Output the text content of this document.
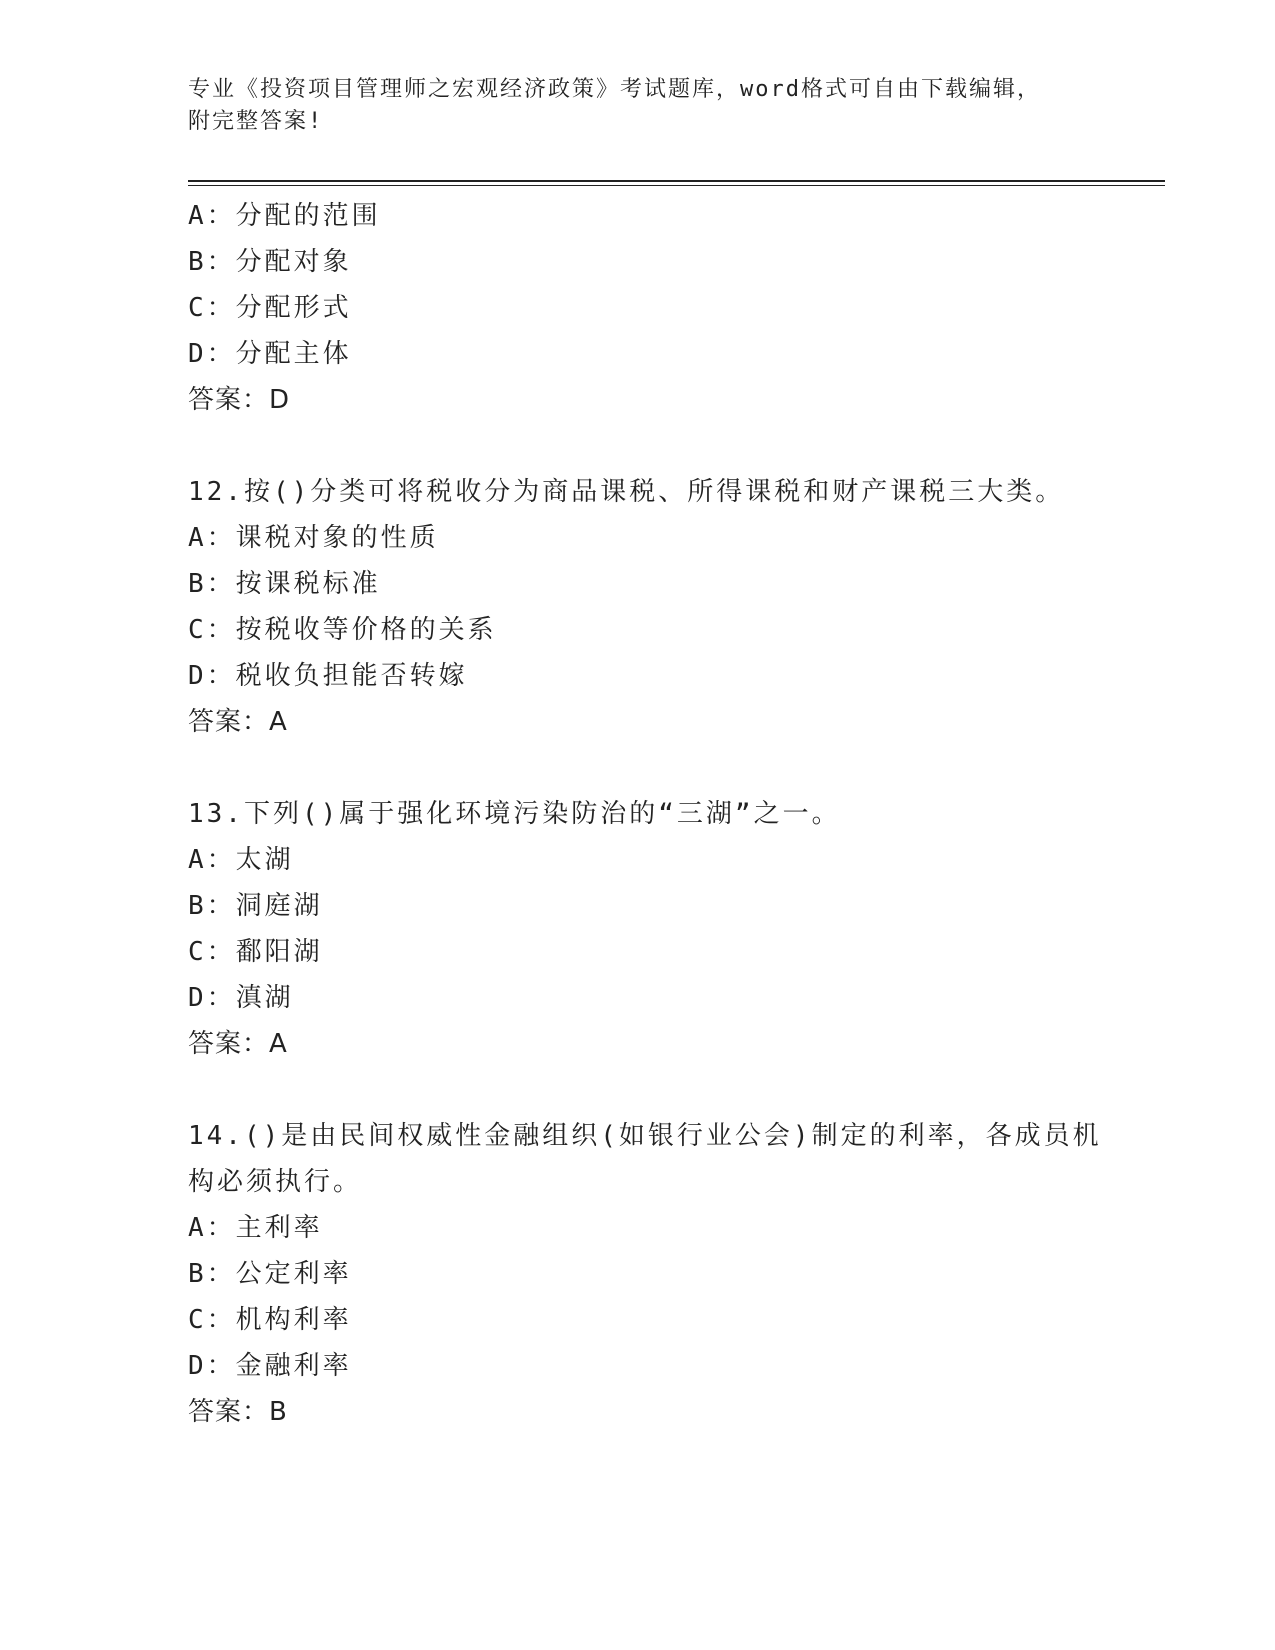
专业《投资项目管理师之宏观经济政策》考试题库，word格式可自由下载编辑，
附完整答案!
A：分配的范围
B：分配对象
C：分配形式
D：分配主体
答案：D
12.按()分类可将税收分为商品课税、所得课税和财产课税三大类。
A：课税对象的性质
B：按课税标准
C：按税收等价格的关系
D：税收负担能否转嫁
答案：A
13.下列()属于强化环境污染防治的“三湖”之一。
A：太湖
B：洞庭湖
C：鄱阳湖
D：滇湖
答案：A
14.()是由民间权威性金融组织(如银行业公会)制定的利率，各成员机
构必须执行。
A：主利率
B：公定利率
C：机构利率
D：金融利率
答案：B
